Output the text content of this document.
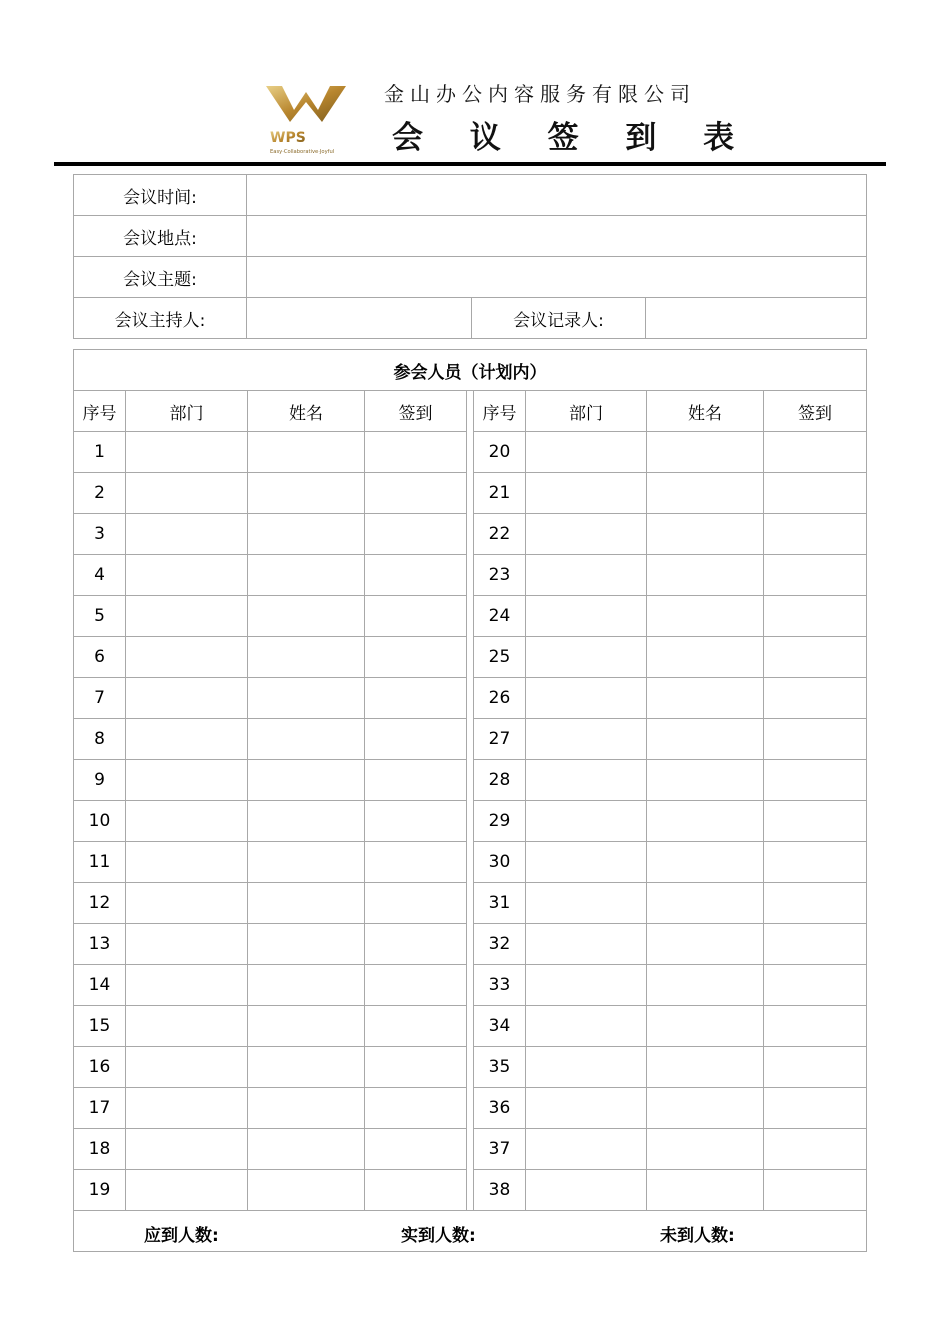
WPS
Easy·Collaborative·Joyful
金山办公内容服务有限公司
会 议 签 到 表
会议时间:			
会议地点:			
会议主题:			
会议主持人:		会议记录人:	
参会人员（计划内）								
序号	部门	姓名	签到		序号	部门	姓名	签到
1					20			
2					21			
3					22			
4					23			
5					24			
6					25			
7					26			
8					27			
9					28			
10					29			
11					30			
12					31			
13					32			
14					33			
15					34			
16					35			
17					36			
18					37			
19					38			

应到人数: 实到人数: 未到人数:								
